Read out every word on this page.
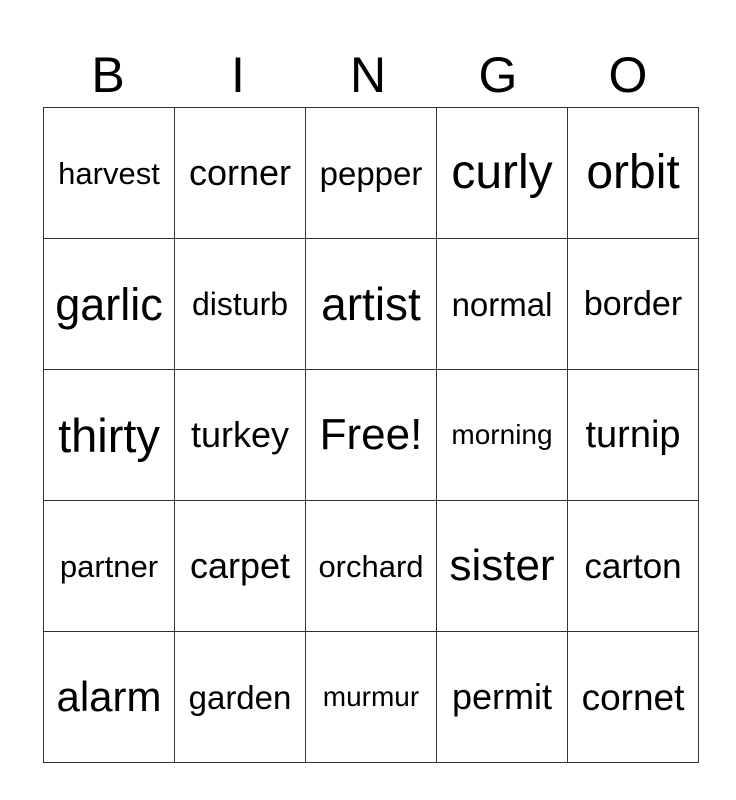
B	I	N	G	O
harvest	corner	pepper	curly	orbit
garlic	disturb	artist	normal	border
thirty	turkey	Free!	morning	turnip
partner	carpet	orchard	sister	carton
alarm	garden	murmur	permit	cornet
